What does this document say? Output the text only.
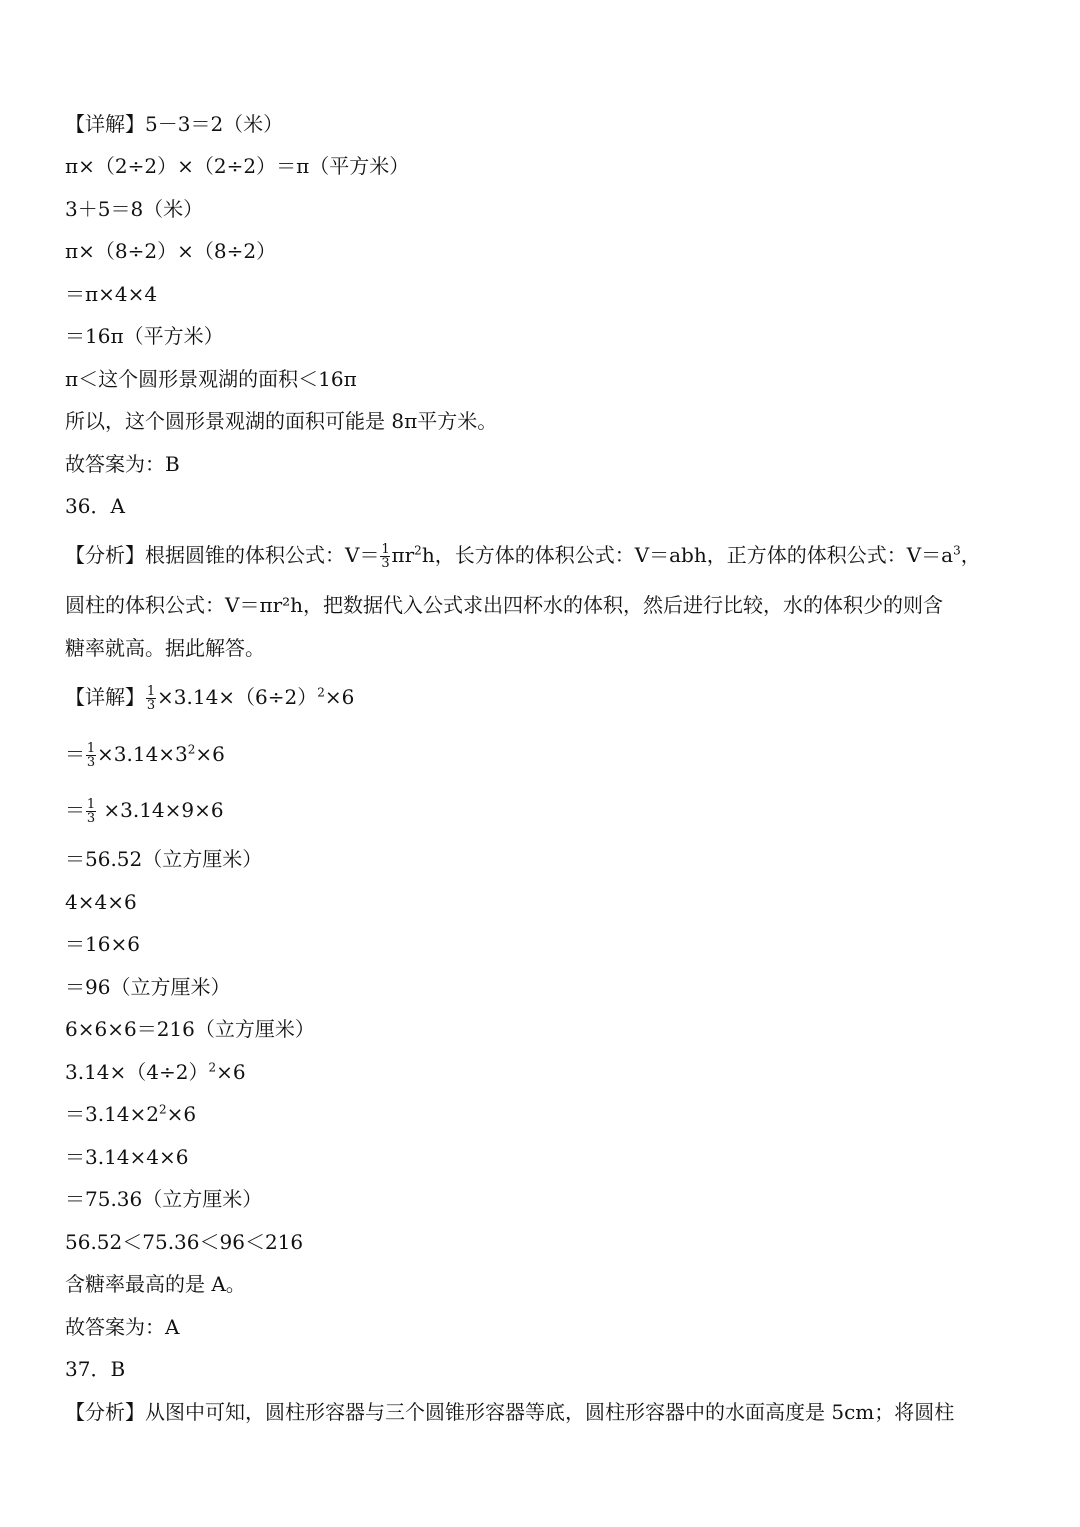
【详解】5－3＝2（米）
π×（2÷2）×（2÷2）＝π（平方米）
3＋5＝8（米）
π×（8÷2）×（8÷2）
＝π×4×4
＝16π（平方米）
π＜这个圆形景观湖的面积＜16π
所以，这个圆形景观湖的面积可能是 8π平方米。
故答案为：B
36．A
【分析】根据圆锥的体积公式：$V= \frac{1}{3} \pi r^2h$，长方体的体积公式：V＝abh，正方体的体积公式：$V=a^3$，
圆柱的体积公式：V＝πr²h，把数据代入公式求出四杯水的体积，然后进行比较，水的体积少的则含
糖率就高。据此解答。
【详解】 $\frac{1}{3} \times 3.14\times(6\div 2)^2\times 6$
＝ $\frac{1}{3} \times 3.14\times 3^2\times 6$
＝ $\frac{1}{3} \times 3.14\times 9\times 6$
＝56.52（立方厘米）
4×4×6
＝16×6
＝96（立方厘米）
6×6×6＝216（立方厘米）
$3.14\times(4\div 2)^2\times 6$
$=3.14\times 2^2\times 6$
＝3.14×4×6
＝75.36（立方厘米）
56.52＜75.36＜96＜216
含糖率最高的是 A。
故答案为：A
37．B
【分析】从图中可知，圆柱形容器与三个圆锥形容器等底，圆柱形容器中的水面高度是 5cm；将圆柱
